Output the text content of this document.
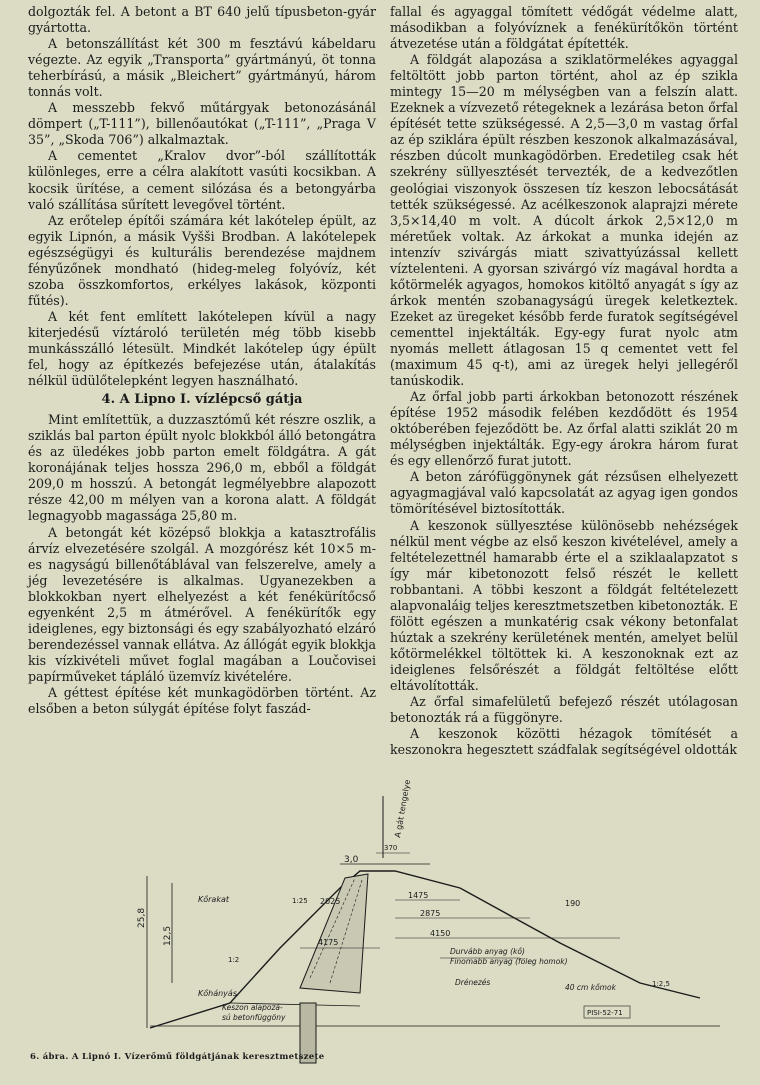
dolgozták fel. A betont a BT 640 jelű típusbeton-gyár gyártotta.

A betonszállítást két 300 m fesztávú kábeldaru végezte. Az egyik „Transporta” gyártmányú, öt tonna teherbírású, a másik „Bleichert” gyártmányú, három tonnás volt.

A messzebb fekvő műtárgyak betonozásánál dömpert („T-111”), billenőautókat („T-111”, „Praga V 35”, „Skoda 706”) alkalmaztak.

A cementet „Kralov dvor”-ból szállították különleges, erre a célra alakított vasúti kocsikban. A kocsik ürítése, a cement silózása és a betongyárba való szállítása sűrített levegővel történt.

Az erőtelep építői számára két lakótelep épült, az egyik Lipnón, a másik Vyšši Brodban. A lakótelepek egészségügyi és kulturális berendezése majdnem fényűzőnek mondható (hideg-meleg folyóvíz, két szoba összkomfortos, erkélyes lakások, központi fűtés).

A két fent említett lakótelepen kívül a nagy kiterjedésű víztároló területén még több kisebb munkásszálló létesült. Mindkét lakótelep úgy épült fel, hogy az építkezés befejezése után, átalakítás nélkül üdülőtelepként legyen használható.

4. A Lipno I. vízlépcső gátja

Mint említettük, a duzzasztómű két részre oszlik, a sziklás bal parton épült nyolc blokkból álló betongátra és az üledékes jobb parton emelt földgátra. A gát koronájának teljes hossza 296,0 m, ebből a földgát 209,0 m hosszú. A betongát legmélyebbre alapozott része 42,00 m mélyen van a korona alatt. A földgát legnagyobb magassága 25,80 m.

A betongát két középső blokkja a katasztrofális árvíz elvezetésére szolgál. A mozgórész két 10×5 m-es nagyságú billenőtáblával van felszerelve, amely a jég levezetésére is alkalmas. Ugyanezekben a blokkokban nyert elhelyezést a két fenékürítőcső egyenként 2,5 m átmérővel. A fenékürítők egy ideiglenes, egy biztonsági és egy szabályozható elzáró berendezéssel vannak ellátva. Az állógát egyik blokkja kis vízkivételi művet foglal magában a Loučovisei papírműveket tápláló üzemvíz kivételére.

A géttest építése két munkagödörben történt. Az elsőben a beton súlygát építése folyt faszád-

fallal és agyaggal tömített védőgát védelme alatt, másodikban a folyóvíznek a fenékürítőkön történt átvezetése után a földgátat építették.

A földgát alapozása a sziklatörmelékes agyaggal feltöltött jobb parton történt, ahol az ép szikla mintegy 15—20 m mélységben van a felszín alatt. Ezeknek a vízvezető rétegeknek a lezárása beton őrfal építését tette szükségessé. A 2,5—3,0 m vastag őrfal az ép sziklára épült részben keszonok alkalmazásával, részben dúcolt munkagödörben. Eredetileg csak hét szekrény süllyesztését tervezték, de a kedvezőtlen geológiai viszonyok összesen tíz keszon lebocsátását tették szükségessé. Az acélkeszonok alaprajzi mérete 3,5×14,40 m volt. A dúcolt árkok 2,5×12,0 m méretűek voltak. Az árkokat a munka idején az intenzív szivárgás miatt szivattyúzással kellett víztelenteni. A gyorsan szivárgó víz magával hordta a kőtörmelék agyagos, homokos kitöltő anyagát s így az árkok mentén szobanagyságú üregek keletkeztek. Ezeket az üregeket később ferde furatok segítségével cementtel injektálták. Egy-egy furat nyolc atm nyomás mellett átlagosan 15 q cementet vett fel (maximum 45 q-t), ami az üregek helyi jellegéről tanúskodik.

Az őrfal jobb parti árkokban betonozott részének építése 1952 második felében kezdődött és 1954 októberében fejeződött be. Az őrfal alatti sziklát 20 m mélységben injektálták. Egy-egy árokra három furat és egy ellenőrző furat jutott.

A beton zárófüggönynek gát rézsűsen elhelyezett agyagmagjával való kapcsolatát az agyag igen gondos tömörítésével biztosították.

A keszonok süllyesztése különösebb nehézségek nélkül ment végbe az első keszon kivételével, amely a feltételezettnél hamarabb érte el a sziklaalapzatot s így már kibetonozott felső részét le kellett robbantani. A többi keszont a földgát feltételezett alapvonaláig teljes keresztmetszetben kibetonozták. E fölött egészen a munkatérig csak vékony betonfalat húztak a szekrény kerületének mentén, amelyet belül kőtörmelékkel töltöttek ki. A keszonoknak ezt az ideiglenes felsőrészét a földgát feltöltése előtt eltávolították.

Az őrfal simafelületű befejező részét utólagosan betonozták rá a függönyre.

A keszonok közötti hézagok tömítését a keszonokra hegesztett szádfalak segítségével oldották

A gát tengelye
3,0
370
25,8
12,5
1475
2875
4150
190
2025
4175
Kőrakat
Kőhányás
1:25
1:2
1:2,5
Durvább anyag (kő)
Finomabb anyag (föleg homok)
Drénezés
40 cm kőmok
Keszon alapozá-
sú betonfüggöny	PISI-52-71
6. ábra. A Lipnó I. Vízerőmű földgátjának keresztmetszete
